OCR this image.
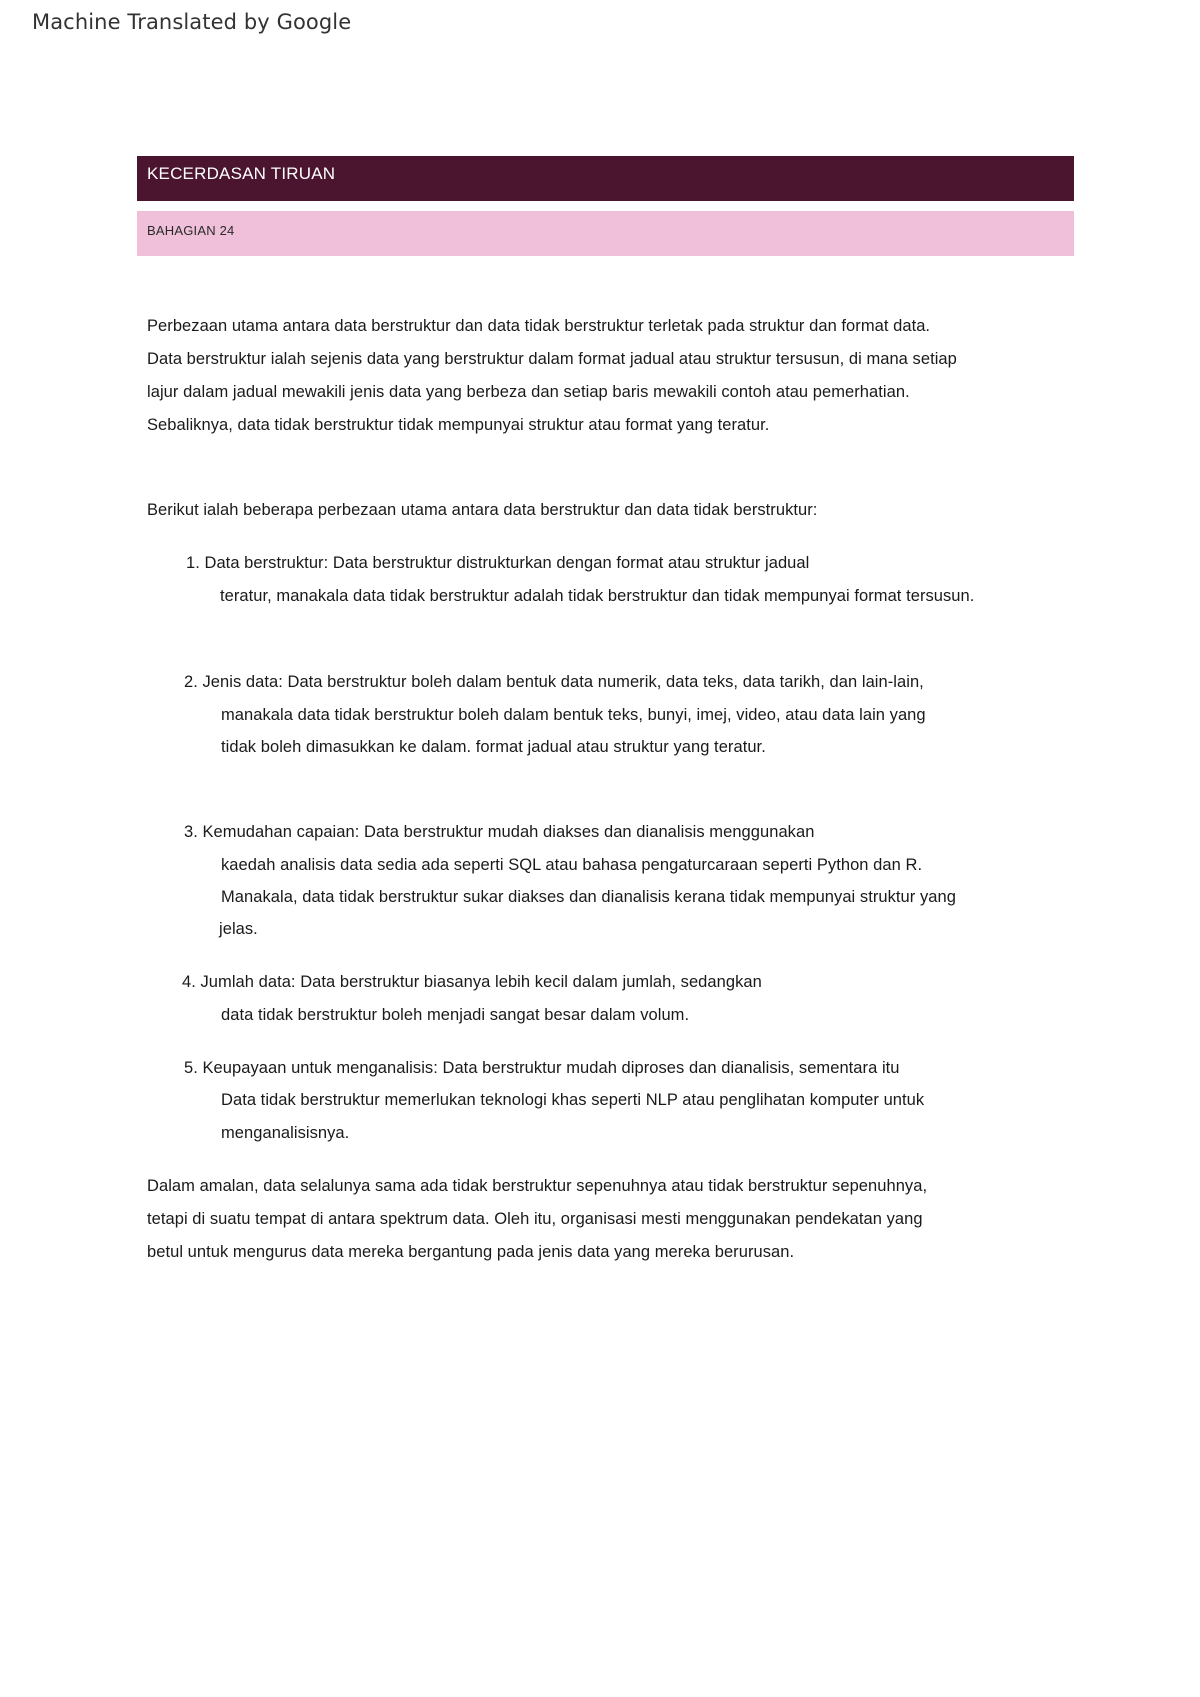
Machine Translated by Google
KECERDASAN TIRUAN
BAHAGIAN 24
Perbezaan utama antara data berstruktur dan data tidak berstruktur terletak pada struktur dan format data.
Data berstruktur ialah sejenis data yang berstruktur dalam format jadual atau struktur tersusun, di mana setiap
lajur dalam jadual mewakili jenis data yang berbeza dan setiap baris mewakili contoh atau pemerhatian.
Sebaliknya, data tidak berstruktur tidak mempunyai struktur atau format yang teratur.
Berikut ialah beberapa perbezaan utama antara data berstruktur dan data tidak berstruktur:
1. Data berstruktur: Data berstruktur distrukturkan dengan format atau struktur jadual
teratur, manakala data tidak berstruktur adalah tidak berstruktur dan tidak mempunyai format tersusun.
2. Jenis data: Data berstruktur boleh dalam bentuk data numerik, data teks, data tarikh, dan lain-lain,
manakala data tidak berstruktur boleh dalam bentuk teks, bunyi, imej, video, atau data lain yang
tidak boleh dimasukkan ke dalam. format jadual atau struktur yang teratur.
3. Kemudahan capaian: Data berstruktur mudah diakses dan dianalisis menggunakan
kaedah analisis data sedia ada seperti SQL atau bahasa pengaturcaraan seperti Python dan R.
Manakala, data tidak berstruktur sukar diakses dan dianalisis kerana tidak mempunyai struktur yang
jelas.
4. Jumlah data: Data berstruktur biasanya lebih kecil dalam jumlah, sedangkan
data tidak berstruktur boleh menjadi sangat besar dalam volum.
5. Keupayaan untuk menganalisis: Data berstruktur mudah diproses dan dianalisis, sementara itu
Data tidak berstruktur memerlukan teknologi khas seperti NLP atau penglihatan komputer untuk
menganalisisnya.
Dalam amalan, data selalunya sama ada tidak berstruktur sepenuhnya atau tidak berstruktur sepenuhnya,
tetapi di suatu tempat di antara spektrum data. Oleh itu, organisasi mesti menggunakan pendekatan yang
betul untuk mengurus data mereka bergantung pada jenis data yang mereka berurusan.
